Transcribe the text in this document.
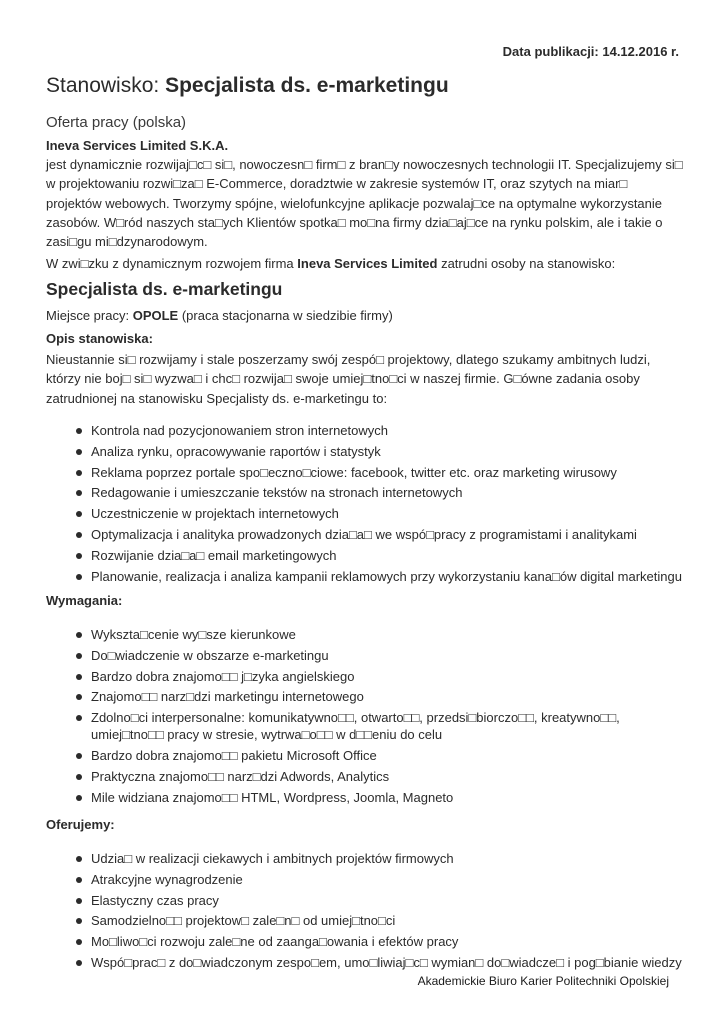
Data publikacji: 14.12.2016 r.
Stanowisko: Specjalista ds. e-marketingu
Oferta pracy (polska)
Ineva Services Limited S.K.A.
jest dynamicznie rozwijaj□c□ si□, nowoczesn□ firm□ z bran□y nowoczesnych technologii IT. Specjalizujemy si□ w projektowaniu rozwi□za□ E-Commerce, doradztwie w zakresie systemów IT, oraz szytych na miar□ projektów webowych. Tworzymy spójne, wielofunkcyjne aplikacje pozwalaj□ce na optymalne wykorzystanie zasobów. W□ród naszych sta□ych Klientów spotka□ mo□na firmy dzia□aj□ce na rynku polskim, ale i takie o zasi□gu mi□dzynarodowym.
W zwi□zku z dynamicznym rozwojem firma Ineva Services Limited zatrudni osoby na stanowisko:
Specjalista ds. e-marketingu
Miejsce pracy: OPOLE (praca stacjonarna w siedzibie firmy)
Opis stanowiska:
Nieustannie si□ rozwijamy i stale poszerzamy swój zespó□ projektowy, dlatego szukamy ambitnych ludzi, którzy nie boj□ si□ wyzwa□ i chc□ rozwija□ swoje umiej□tno□ci w naszej firmie. G□ówne zadania osoby zatrudnionej na stanowisku Specjalisty ds. e-marketingu to:
Kontrola nad pozycjonowaniem stron internetowych
Analiza rynku, opracowywanie raportów i statystyk
Reklama poprzez portale spo□eczno□ciowe: facebook, twitter etc. oraz marketing wirusowy
Redagowanie i umieszczanie tekstów na stronach internetowych
Uczestniczenie w projektach internetowych
Optymalizacja i analityka prowadzonych dzia□a□ we wspó□pracy z programistami i analitykami
Rozwijanie dzia□a□ email marketingowych
Planowanie, realizacja i analiza kampanii reklamowych przy wykorzystaniu kana□ów digital marketingu
Wymagania:
Wykszta□cenie wy□sze kierunkowe
Do□wiadczenie w obszarze e-marketingu
Bardzo dobra znajomo□□ j□zyka angielskiego
Znajomo□□ narz□dzi marketingu internetowego
Zdolno□ci interpersonalne: komunikatywno□□, otwarto□□, przedsi□biorczo□□, kreatywno□□, umiej□tno□□ pracy w stresie, wytrwa□o□□ w d□□eniu do celu
Bardzo dobra znajomo□□ pakietu Microsoft Office
Praktyczna znajomo□□ narz□dzi Adwords, Analytics
Mile widziana znajomo□□ HTML, Wordpress, Joomla, Magneto
Oferujemy:
Udzia□ w realizacji ciekawych i ambitnych projektów firmowych
Atrakcyjne wynagrodzenie
Elastyczny czas pracy
Samodzielno□□ projektow□ zale□n□ od umiej□tno□ci
Mo□liwo□ci rozwoju zale□ne od zaanga□owania i efektów pracy
Wspó□prac□ z do□wiadczonym zespo□em, umo□liwiaj□c□ wymian□ do□wiadcze□ i pog□bianie wiedzy
Akademickie Biuro Karier Politechniki Opolskiej
